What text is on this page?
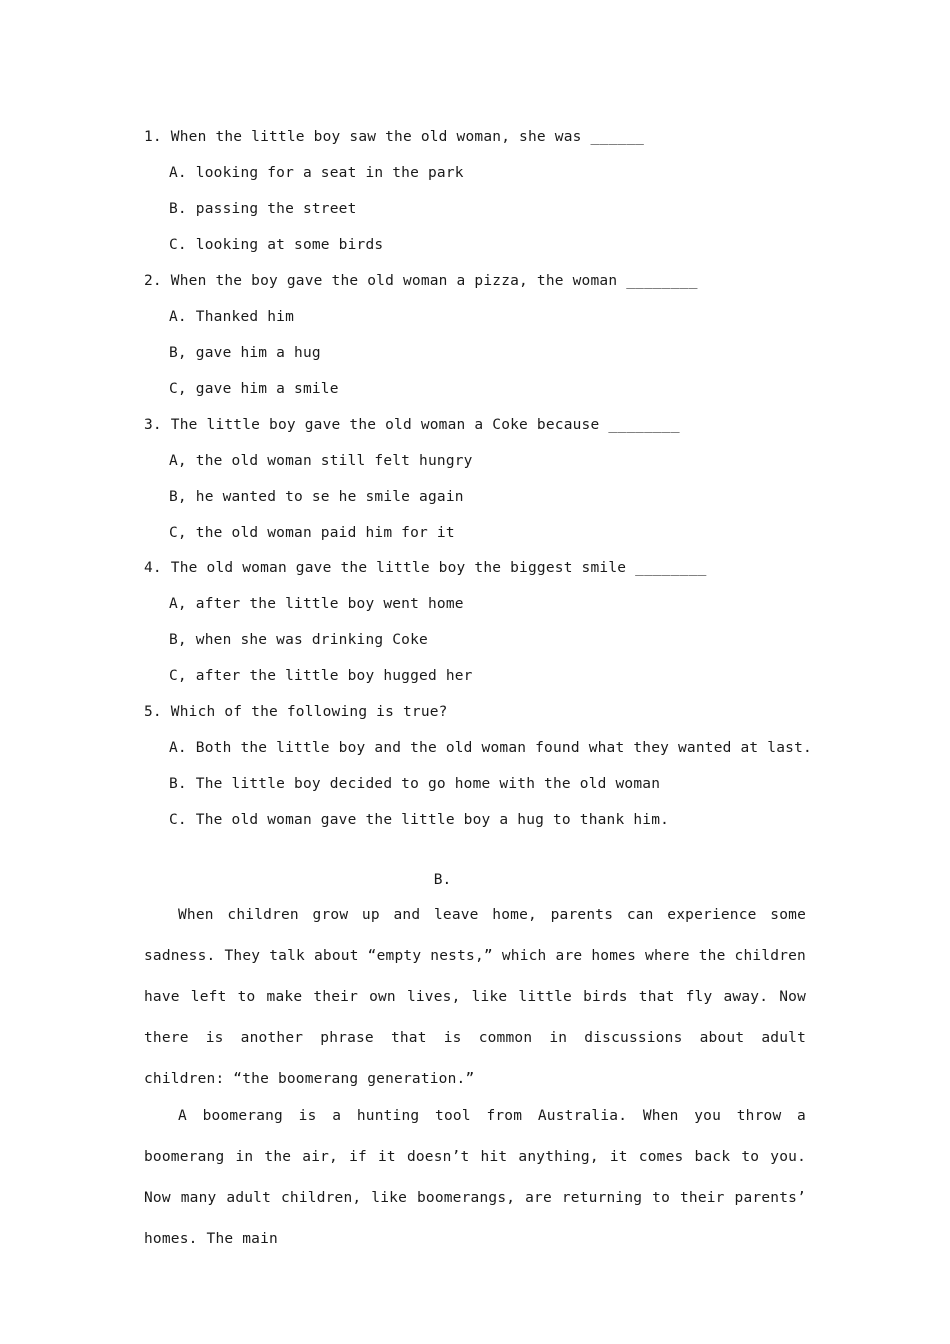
1. When the little boy saw the old woman, she was ______
A. looking for a seat in the park
B. passing the street
C. looking at some birds
2. When the boy gave the old woman a pizza, the woman ________
A. Thanked him
B, gave him a hug
C, gave him a smile
3. The little boy gave the old woman a Coke because ________
A, the old woman still felt hungry
B, he wanted to se he smile again
C, the old woman paid him for it
4. The old woman gave the little boy the biggest smile ________
A, after the little boy went home
B, when she was drinking Coke
C, after the little boy hugged her
5. Which of the following is true?
A. Both the little boy and the old woman found what they wanted at last.
B. The little boy decided to go home with the old woman
C. The old woman gave the little boy a hug to thank him.
B.
When children grow up and leave home, parents can experience some sadness. They talk about “empty nests,” which are homes where the children have left to make their own lives, like little birds that fly away. Now there is another phrase that is common in discussions about adult children: “the boomerang generation.”
A boomerang is a hunting tool from Australia. When you throw a boomerang in the air, if it doesn’t hit anything, it comes back to you. Now many adult children, like boomerangs, are returning to their parents’ homes. The main
